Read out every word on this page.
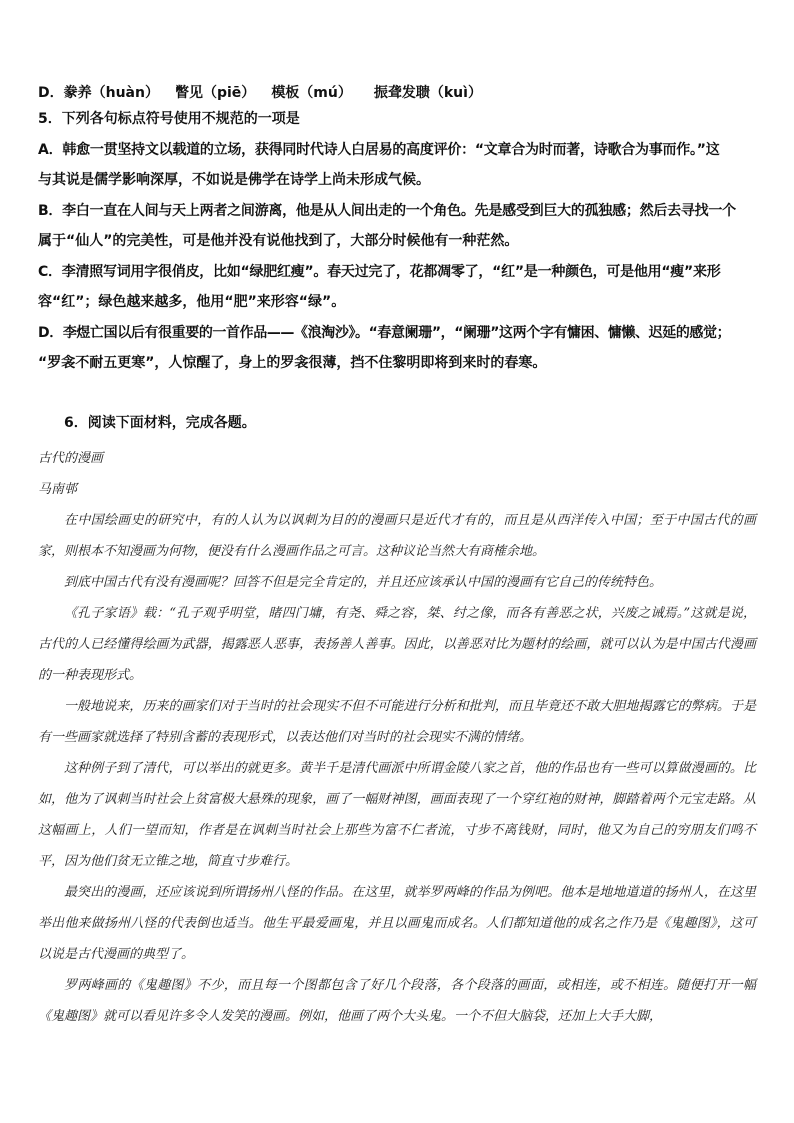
D．豢养（huàn） 瞥见（piē） 模板（mú） 振聋发聩（kuì）

5．下列各句标点符号使用不规范的一项是

A．韩愈一贯坚持文以载道的立场，获得同时代诗人白居易的高度评价：“文章合为时而著，诗歌合为事而作。”这

与其说是儒学影响深厚，不如说是佛学在诗学上尚未形成气候。

B．李白一直在人间与天上两者之间游离，他是从人间出走的一个角色。先是感受到巨大的孤独感；然后去寻找一个

属于“仙人”的完美性，可是他并没有说他找到了，大部分时候他有一种茫然。

C．李清照写词用字很俏皮，比如“绿肥红瘦”。春天过完了，花都凋零了，“红”是一种颜色，可是他用“瘦”来形

容“红”；绿色越来越多，他用“肥”来形容“绿”。

D．李煜亡国以后有很重要的一首作品——《浪淘沙》。“春意阑珊”，“阑珊”这两个字有慵困、慵懒、迟延的感觉；

“罗衾不耐五更寒”，人惊醒了，身上的罗衾很薄，挡不住黎明即将到来时的春寒。

6．阅读下面材料，完成各题。

古代的漫画

马南邨

在中国绘画史的研究中，有的人认为以讽刺为目的的漫画只是近代才有的，而且是从西洋传入中国；至于中国古代的画家，则根本不知漫画为何物，便没有什么漫画作品之可言。这种议论当然大有商榷余地。

到底中国古代有没有漫画呢？回答不但是完全肯定的，并且还应该承认中国的漫画有它自己的传统特色。

《孔子家语》载：“孔子观乎明堂，睹四门墉，有尧、舜之容，桀、纣之像，而各有善恶之状，兴废之诫焉。”这就是说，古代的人已经懂得绘画为武器，揭露恶人恶事，表扬善人善事。因此，以善恶对比为题材的绘画，就可以认为是中国古代漫画的一种表现形式。

一般地说来，历来的画家们对于当时的社会现实不但不可能进行分析和批判，而且毕竟还不敢大胆地揭露它的弊病。于是有一些画家就选择了特别含蓄的表现形式，以表达他们对当时的社会现实不满的情绪。

这种例子到了清代，可以举出的就更多。黄半千是清代画派中所谓金陵八家之首，他的作品也有一些可以算做漫画的。比如，他为了讽刺当时社会上贫富极大悬殊的现象，画了一幅财神图，画面表现了一个穿红袍的财神，脚踏着两个元宝走路。从这幅画上，人们一望而知，作者是在讽刺当时社会上那些为富不仁者流，寸步不离钱财，同时，他又为自己的穷朋友们鸣不平，因为他们贫无立锥之地，简直寸步难行。

最突出的漫画，还应该说到所谓扬州八怪的作品。在这里，就举罗两峰的作品为例吧。他本是地地道道的扬州人，在这里举出他来做扬州八怪的代表倒也适当。他生平最爱画鬼，并且以画鬼而成名。人们都知道他的成名之作乃是《鬼趣图》，这可以说是古代漫画的典型了。

罗两峰画的《鬼趣图》不少，而且每一个图都包含了好几个段落，各个段落的画面，或相连，或不相连。随便打开一幅《鬼趣图》就可以看见许多令人发笑的漫画。例如，他画了两个大头鬼。一个不但大脑袋，还加上大手大脚，
